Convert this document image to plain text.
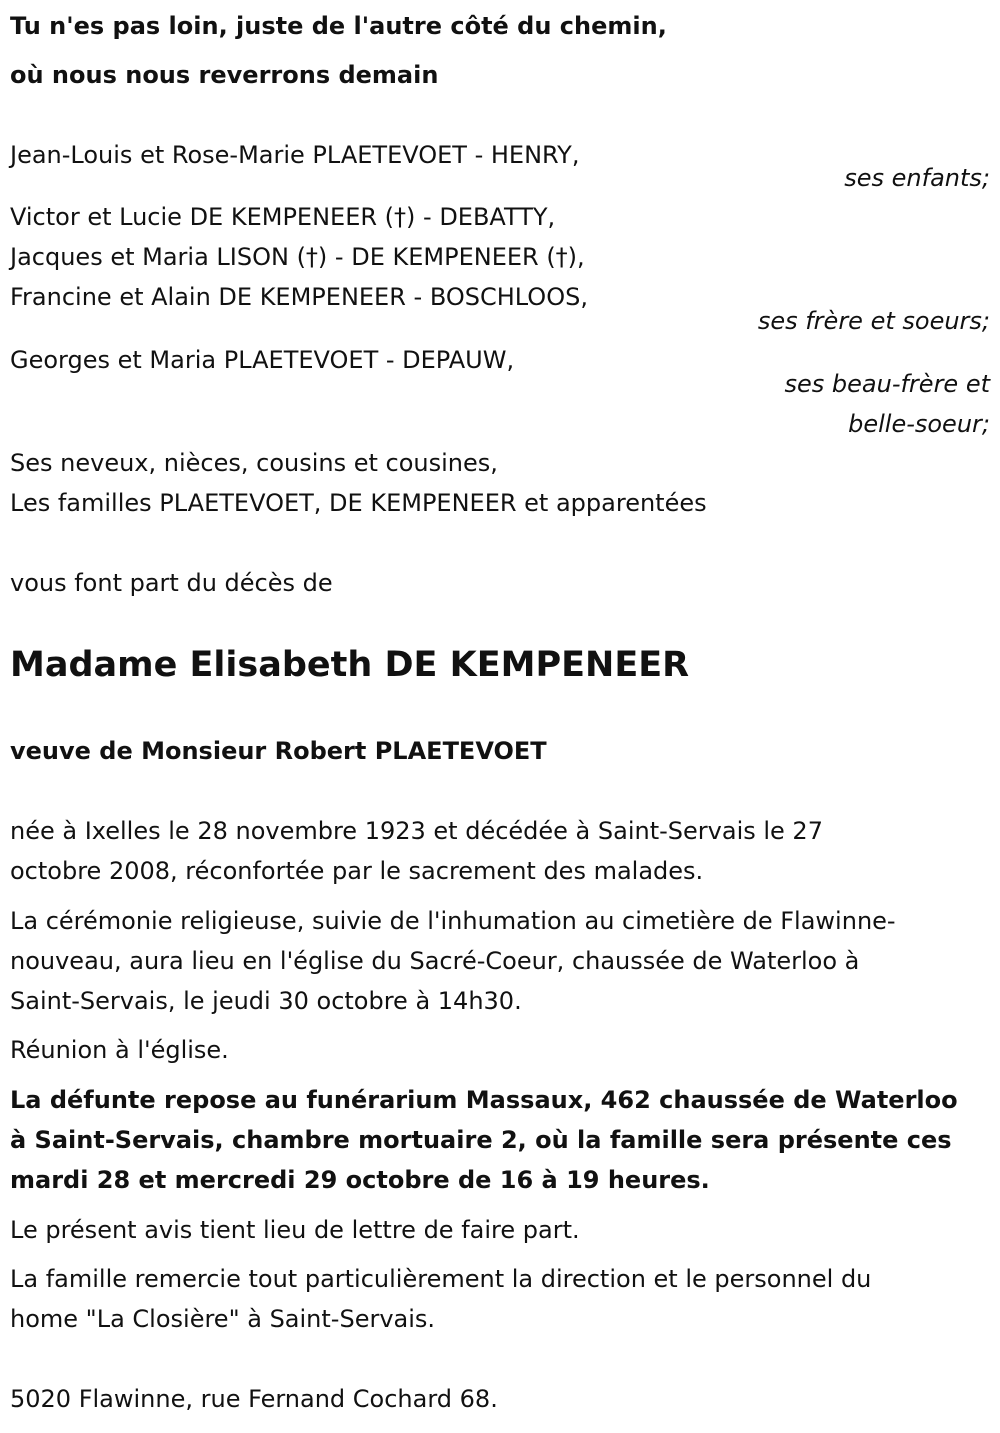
Tu n'es pas loin, juste de l'autre côté du chemin,
où nous nous reverrons demain
Jean-Louis et Rose-Marie PLAETEVOET - HENRY,
ses enfants;
Victor et Lucie DE KEMPENEER (†) - DEBATTY,
Jacques et Maria LISON (†) - DE KEMPENEER (†),
Francine et Alain DE KEMPENEER - BOSCHLOOS,
ses frère et soeurs;
Georges et Maria PLAETEVOET - DEPAUW,
ses beau-frère et
belle-soeur;
Ses neveux, nièces, cousins et cousines,
Les familles PLAETEVOET, DE KEMPENEER et apparentées
vous font part du décès de
Madame Elisabeth DE KEMPENEER
veuve de Monsieur Robert PLAETEVOET
née à Ixelles le 28 novembre 1923 et décédée à Saint-Servais le 27
octobre 2008, réconfortée par le sacrement des malades.
La cérémonie religieuse, suivie de l'inhumation au cimetière de Flawinne-
nouveau, aura lieu en l'église du Sacré-Coeur, chaussée de Waterloo à
Saint-Servais, le jeudi 30 octobre à 14h30.
Réunion à l'église.
La défunte repose au funérarium Massaux, 462 chaussée de Waterloo
à Saint-Servais, chambre mortuaire 2, où la famille sera présente ces
mardi 28 et mercredi 29 octobre de 16 à 19 heures.
Le présent avis tient lieu de lettre de faire part.
La famille remercie tout particulièrement la direction et le personnel du
home "La Closière" à Saint-Servais.
5020 Flawinne, rue Fernand Cochard 68.
